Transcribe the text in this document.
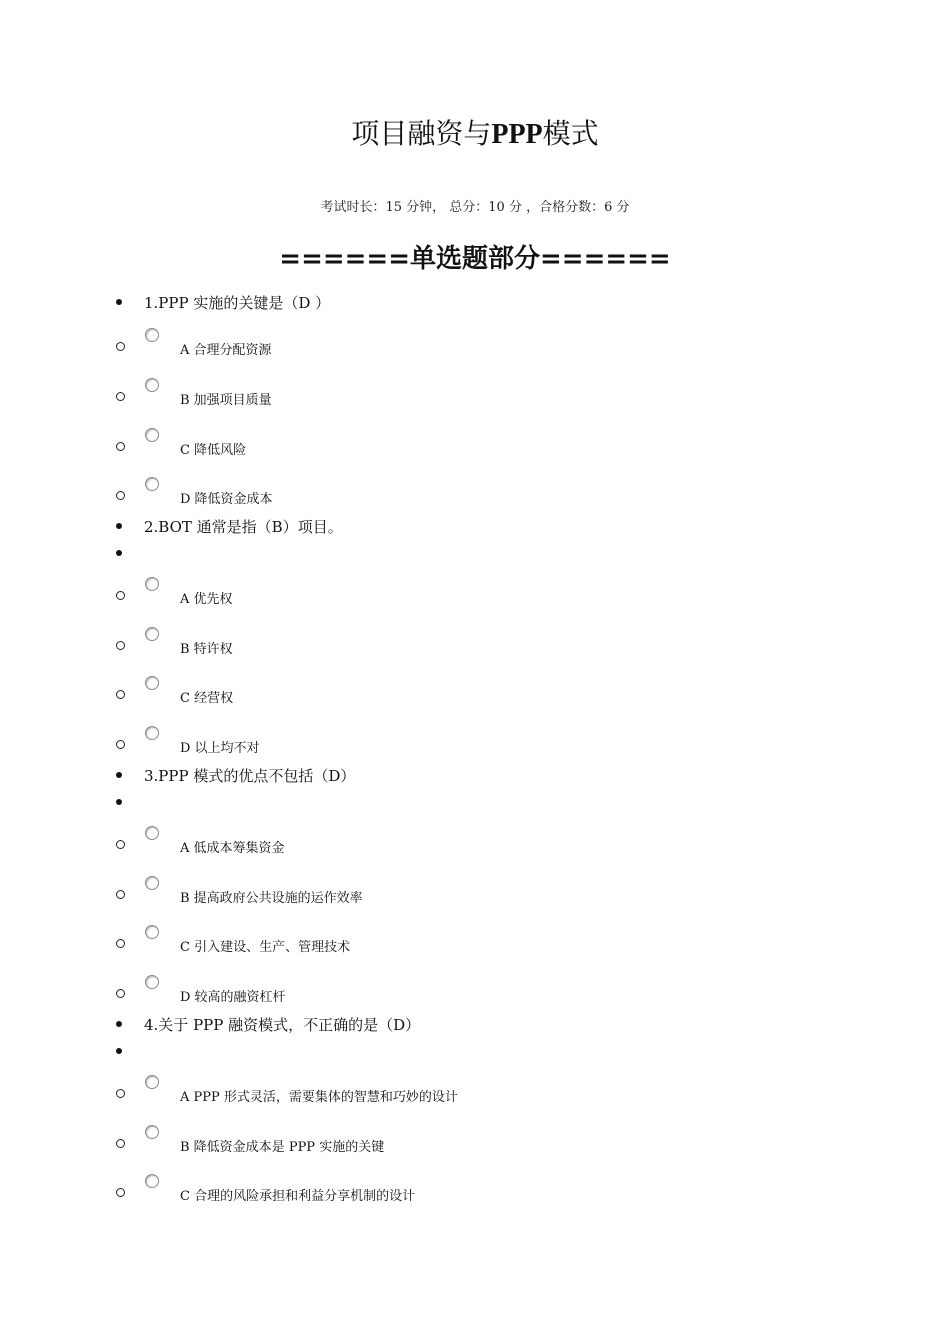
项目融资与PPP模式
考试时长：15 分钟， 总分：10 分 ，合格分数：6 分
======单选题部分======
1.PPP 实施的关键是（D ）
A 合理分配资源
B 加强项目质量
C 降低风险
D 降低资金成本
2.BOT 通常是指（B）项目。
A 优先权
B 特许权
C 经营权
D 以上均不对
3.PPP 模式的优点不包括（D）
A 低成本筹集资金
B 提高政府公共设施的运作效率
C 引入建设、生产、管理技术
D 较高的融资杠杆
4.关于 PPP 融资模式，不正确的是（D）
A PPP 形式灵活，需要集体的智慧和巧妙的设计
B 降低资金成本是 PPP 实施的关键
C 合理的风险承担和利益分享机制的设计
